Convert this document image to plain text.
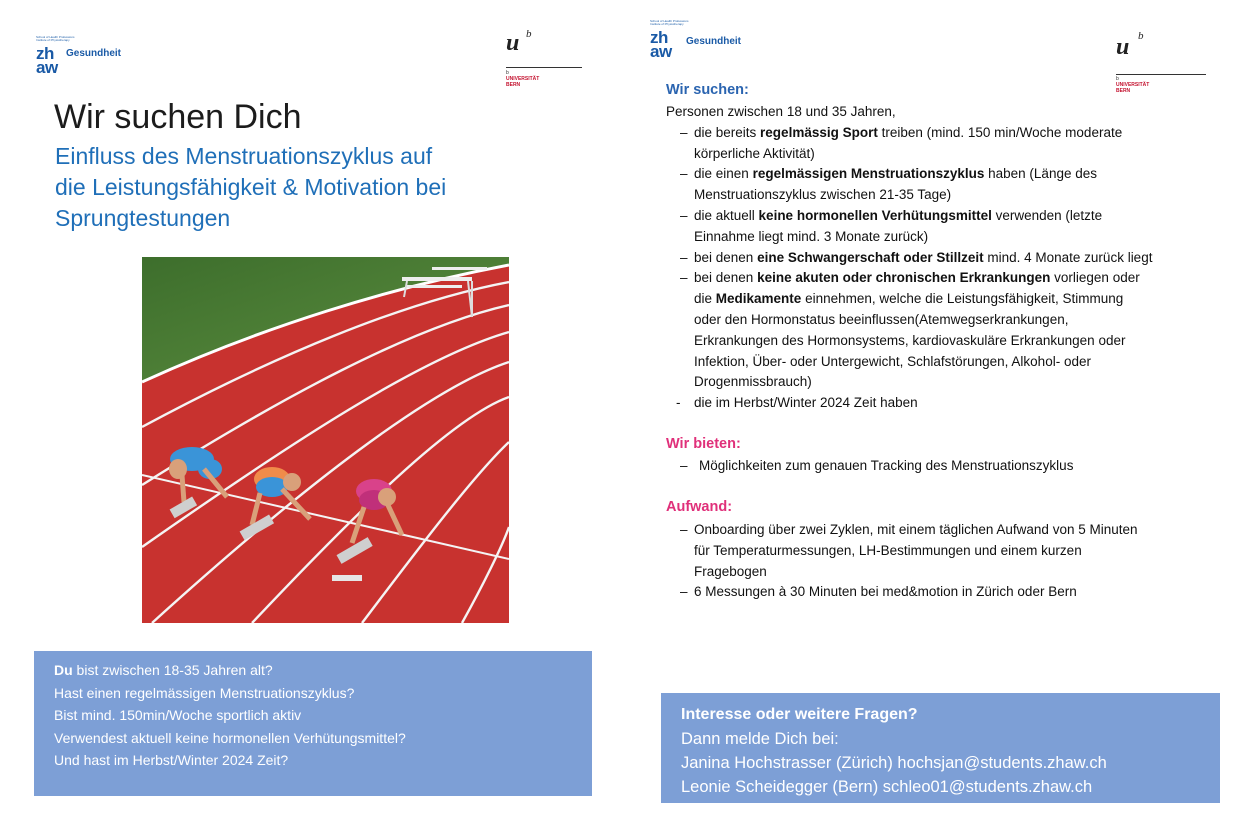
School of Health Professions
Institute of Physiotherapy
zh
aw
Gesundheit	u b
b
UNIVERSITÄT
BERN
Wir suchen Dich
Einfluss des Menstruationszyklus auf
die Leistungsfähigkeit & Motivation bei
Sprungtestungen
Du bist zwischen 18-35 Jahren alt?
Hast einen regelmässigen Menstruationszyklus?
Bist mind. 150min/Woche sportlich aktiv
Verwendest aktuell keine hormonellen Verhütungsmittel?
Und hast im Herbst/Winter 2024 Zeit?
School of Health Professions
Institute of Physiotherapy
zh
aw
Gesundheit	u b
b
UNIVERSITÄT
BERN
Wir suchen:
Personen zwischen 18 und 35 Jahren,
– die bereits regelmässig Sport treiben (mind. 150 min/Woche moderate
körperliche Aktivität)
– die einen regelmässigen Menstruationszyklus haben (Länge des
Menstruationszyklus zwischen 21-35 Tage)
– die aktuell keine hormonellen Verhütungsmittel verwenden (letzte
Einnahme liegt mind. 3 Monate zurück)
– bei denen eine Schwangerschaft oder Stillzeit mind. 4 Monate zurück liegt
– bei denen keine akuten oder chronischen Erkrankungen vorliegen oder
die Medikamente einnehmen, welche die Leistungsfähigkeit, Stimmung
oder den Hormonstatus beeinflussen(Atemwegserkrankungen,
Erkrankungen des Hormonsystems, kardiovaskuläre Erkrankungen oder
Infektion, Über- oder Untergewicht, Schlafstörungen, Alkohol- oder
Drogenmissbrauch)
- die im Herbst/Winter 2024 Zeit haben
Wir bieten:
– Möglichkeiten zum genauen Tracking des Menstruationszyklus
Aufwand:
– Onboarding über zwei Zyklen, mit einem täglichen Aufwand von 5 Minuten
für Temperaturmessungen, LH-Bestimmungen und einem kurzen
Fragebogen
– 6 Messungen à 30 Minuten bei med&motion in Zürich oder Bern
Interesse oder weitere Fragen?
Dann melde Dich bei:
Janina Hochstrasser (Zürich) hochsjan@students.zhaw.ch
Leonie Scheidegger (Bern) schleo01@students.zhaw.ch
